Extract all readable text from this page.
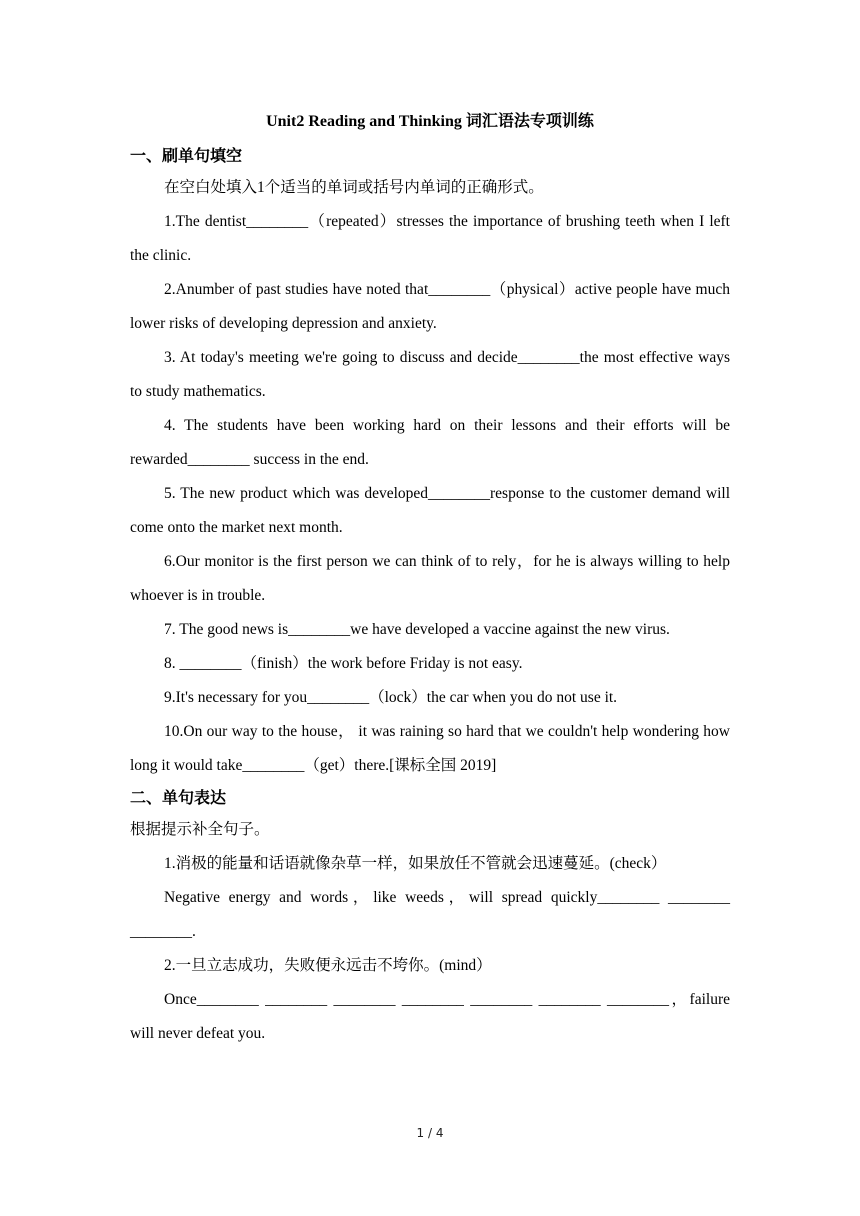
Unit2 Reading and Thinking 词汇语法专项训练
一、刷单句填空

在空白处填入1个适当的单词或括号内单词的正确形式。

1.The dentist________（repeated）stresses the importance of brushing teeth when I left the clinic.

2.Anumber of past studies have noted that________（physical）active people have much lower risks of developing depression and anxiety.

3. At today's meeting we're going to discuss and decide________the most effective ways to study mathematics.

4. The students have been working hard on their lessons and their efforts will be rewarded________ success in the end.

5. The new product which was developed________response to the customer demand will come onto the market next month.

6.Our monitor is the first person we can think of to rely，for he is always willing to help whoever is in trouble.

7. The good news is________we have developed a vaccine against the new virus.

8. ________（finish）the work before Friday is not easy.

9.It's necessary for you________（lock）the car when you do not use it.

10.On our way to the house， it was raining so hard that we couldn't help wondering how long it would take________（get）there.[课标全国 2019]

二、单句表达

根据提示补全句子。

1.消极的能量和话语就像杂草一样，如果放任不管就会迅速蔓延。(check）

Negative energy and words，like weeds，will spread quickly________ ________ ________.

2.一旦立志成功，失败便永远击不垮你。(mind）

Once________ ________ ________ ________ ________ ________ ________，failure will never defeat you.

1 / 4
